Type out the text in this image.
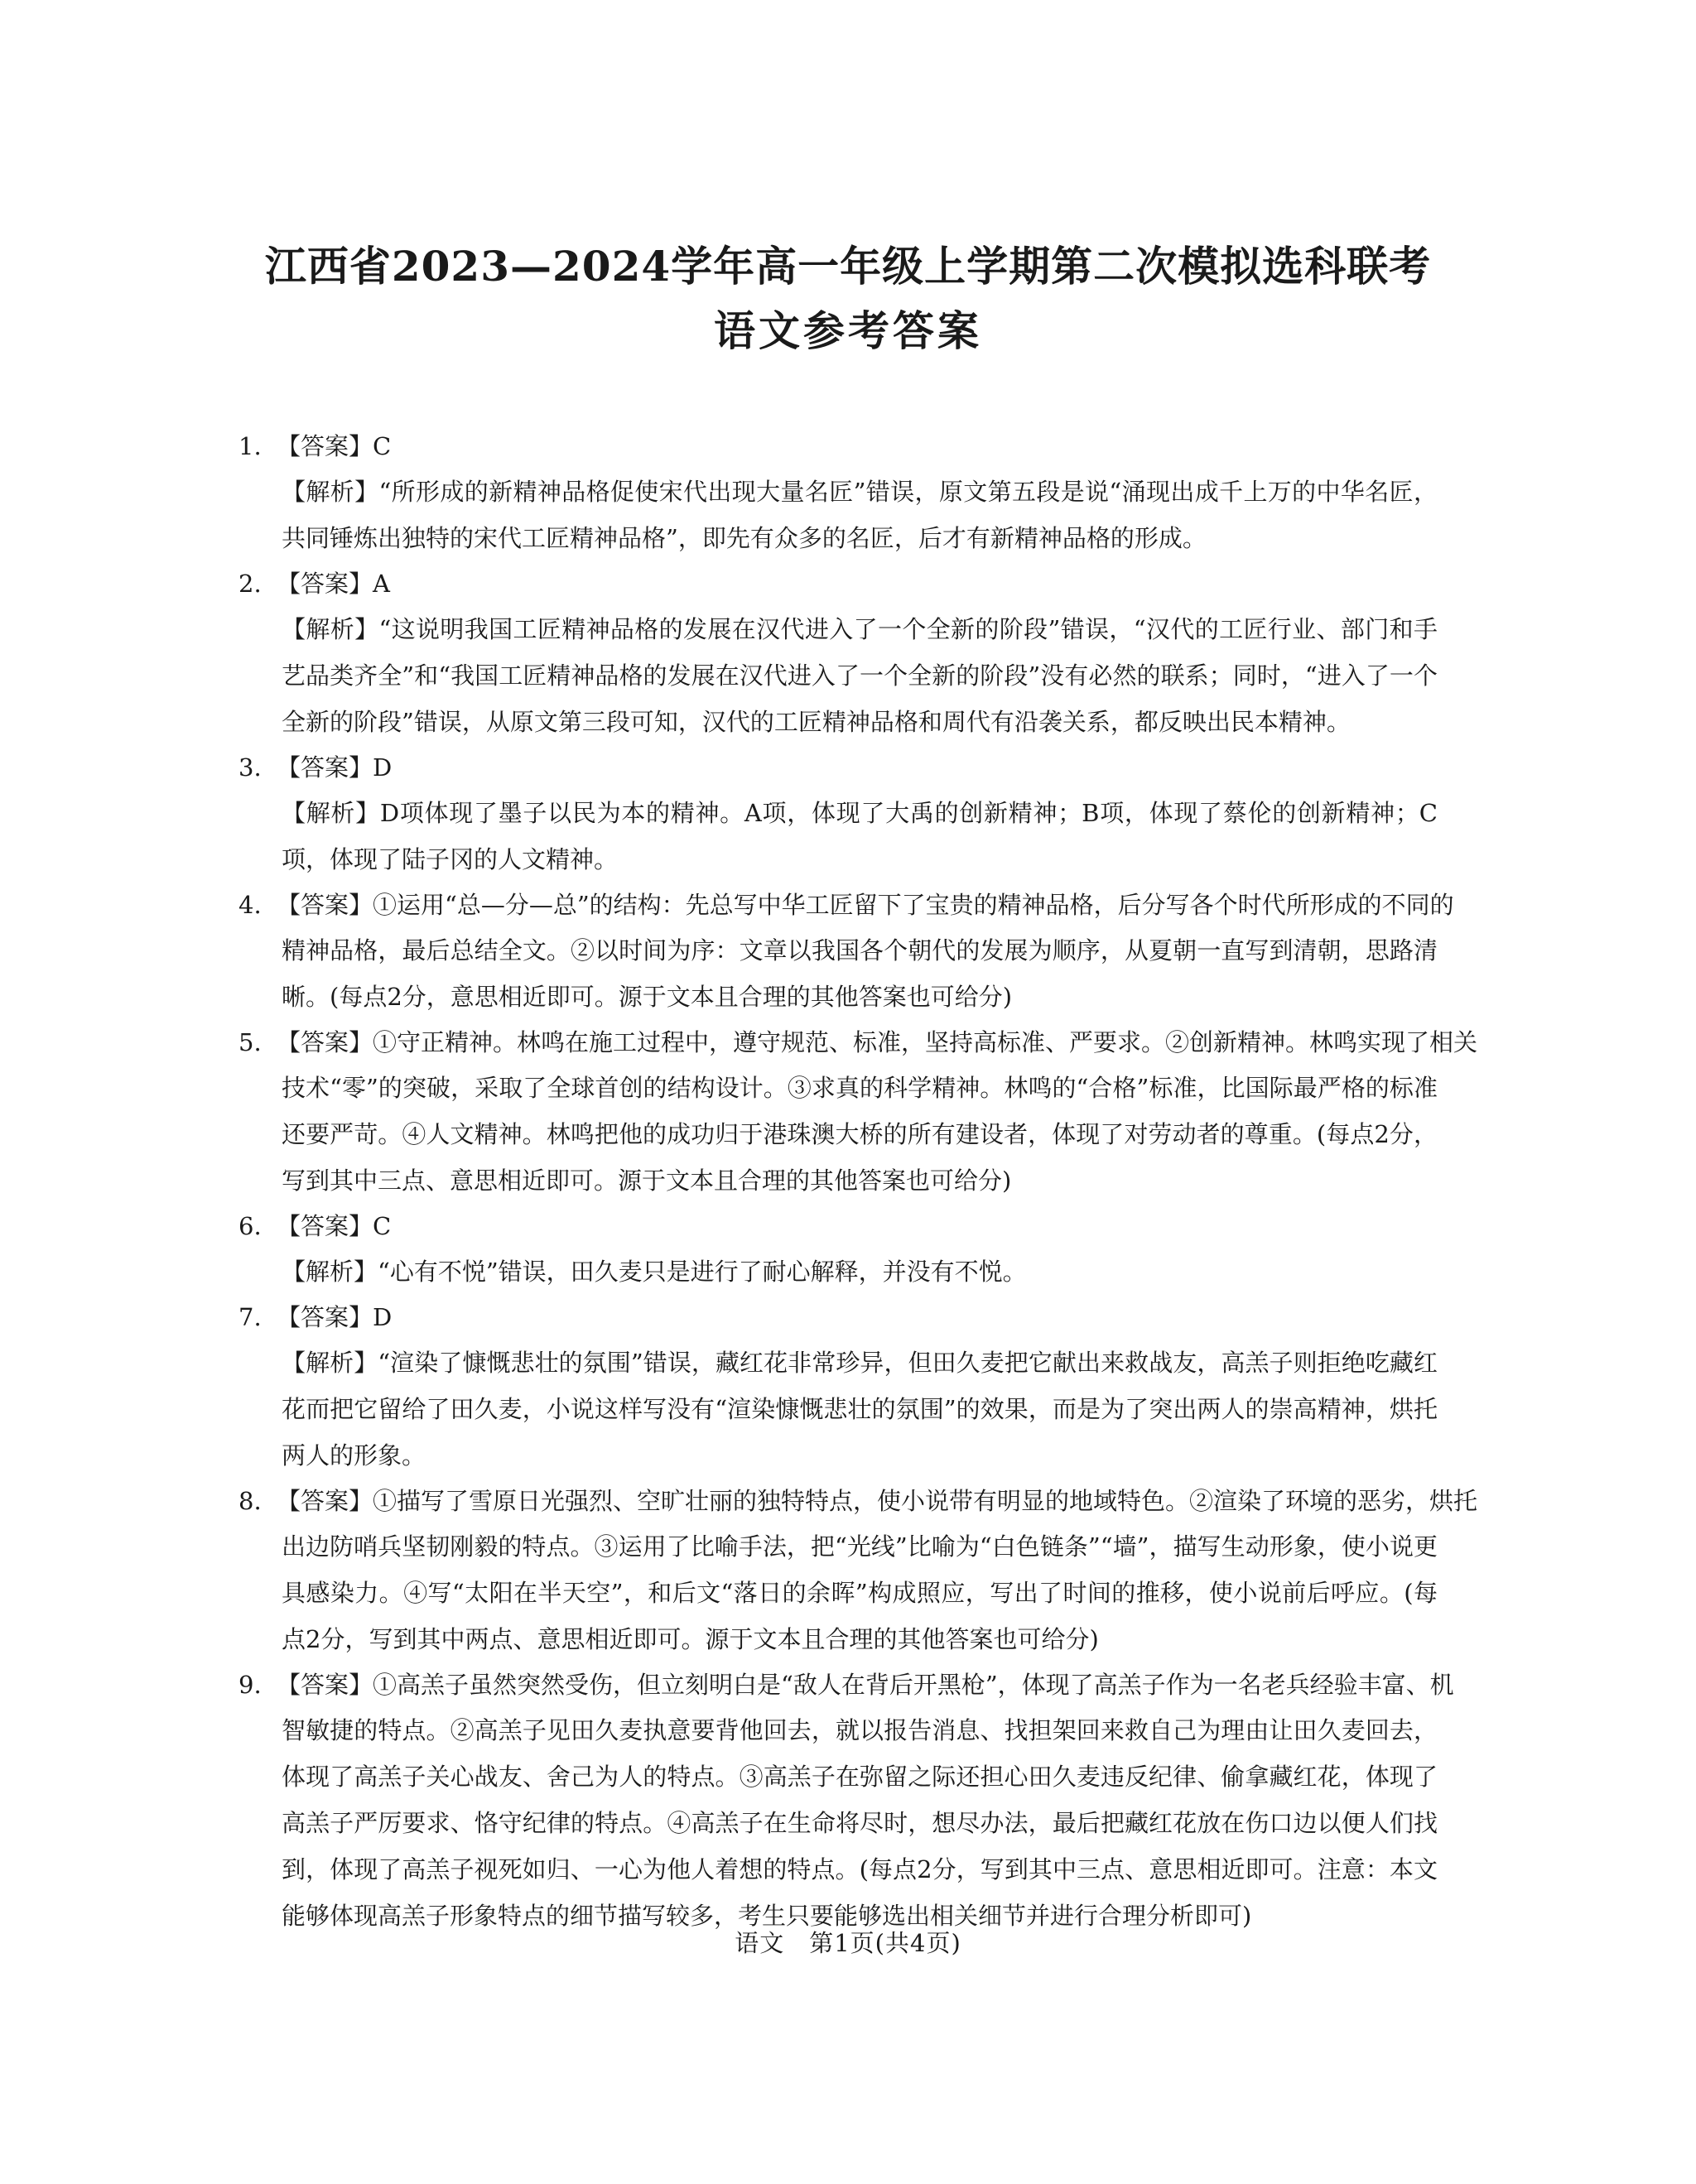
江西省2023—2024学年高一年级上学期第二次模拟选科联考
语文参考答案
1. 【答案】C
【解析】“所形成的新精神品格促使宋代出现大量名匠”错误，原文第五段是说“涌现出成千上万的中华名匠，共同锤炼出独特的宋代工匠精神品格”，即先有众多的名匠，后才有新精神品格的形成。
2. 【答案】A
【解析】“这说明我国工匠精神品格的发展在汉代进入了一个全新的阶段”错误，“汉代的工匠行业、部门和手艺品类齐全”和“我国工匠精神品格的发展在汉代进入了一个全新的阶段”没有必然的联系；同时，“进入了一个全新的阶段”错误，从原文第三段可知，汉代的工匠精神品格和周代有沿袭关系，都反映出民本精神。
3. 【答案】D
【解析】D项体现了墨子以民为本的精神。A项，体现了大禹的创新精神；B项，体现了蔡伦的创新精神；C项，体现了陆子冈的人文精神。
4. 【答案】①运用“总—分—总”的结构：先总写中华工匠留下了宝贵的精神品格，后分写各个时代所形成的不同的
精神品格，最后总结全文。②以时间为序：文章以我国各个朝代的发展为顺序，从夏朝一直写到清朝，思路清晰。(每点2分，意思相近即可。源于文本且合理的其他答案也可给分)
5. 【答案】①守正精神。林鸣在施工过程中，遵守规范、标准，坚持高标准、严要求。②创新精神。林鸣实现了相关
技术“零”的突破，采取了全球首创的结构设计。③求真的科学精神。林鸣的“合格”标准，比国际最严格的标准还要严苛。④人文精神。林鸣把他的成功归于港珠澳大桥的所有建设者，体现了对劳动者的尊重。(每点2分，写到其中三点、意思相近即可。源于文本且合理的其他答案也可给分)
6. 【答案】C
【解析】“心有不悦”错误，田久麦只是进行了耐心解释，并没有不悦。
7. 【答案】D
【解析】“渲染了慷慨悲壮的氛围”错误，藏红花非常珍异，但田久麦把它献出来救战友，高羔子则拒绝吃藏红花而把它留给了田久麦，小说这样写没有“渲染慷慨悲壮的氛围”的效果，而是为了突出两人的崇高精神，烘托两人的形象。
8. 【答案】①描写了雪原日光强烈、空旷壮丽的独特特点，使小说带有明显的地域特色。②渲染了环境的恶劣，烘托
出边防哨兵坚韧刚毅的特点。③运用了比喻手法，把“光线”比喻为“白色链条”“墙”，描写生动形象，使小说更具感染力。④写“太阳在半天空”，和后文“落日的余晖”构成照应，写出了时间的推移，使小说前后呼应。(每点2分，写到其中两点、意思相近即可。源于文本且合理的其他答案也可给分)
9. 【答案】①高羔子虽然突然受伤，但立刻明白是“敌人在背后开黑枪”，体现了高羔子作为一名老兵经验丰富、机
智敏捷的特点。②高羔子见田久麦执意要背他回去，就以报告消息、找担架回来救自己为理由让田久麦回去，体现了高羔子关心战友、舍己为人的特点。③高羔子在弥留之际还担心田久麦违反纪律、偷拿藏红花，体现了高羔子严厉要求、恪守纪律的特点。④高羔子在生命将尽时，想尽办法，最后把藏红花放在伤口边以便人们找到，体现了高羔子视死如归、一心为他人着想的特点。(每点2分，写到其中三点、意思相近即可。注意：本文能够体现高羔子形象特点的细节描写较多，考生只要能够选出相关细节并进行合理分析即可)
语文　第1页(共4页)
